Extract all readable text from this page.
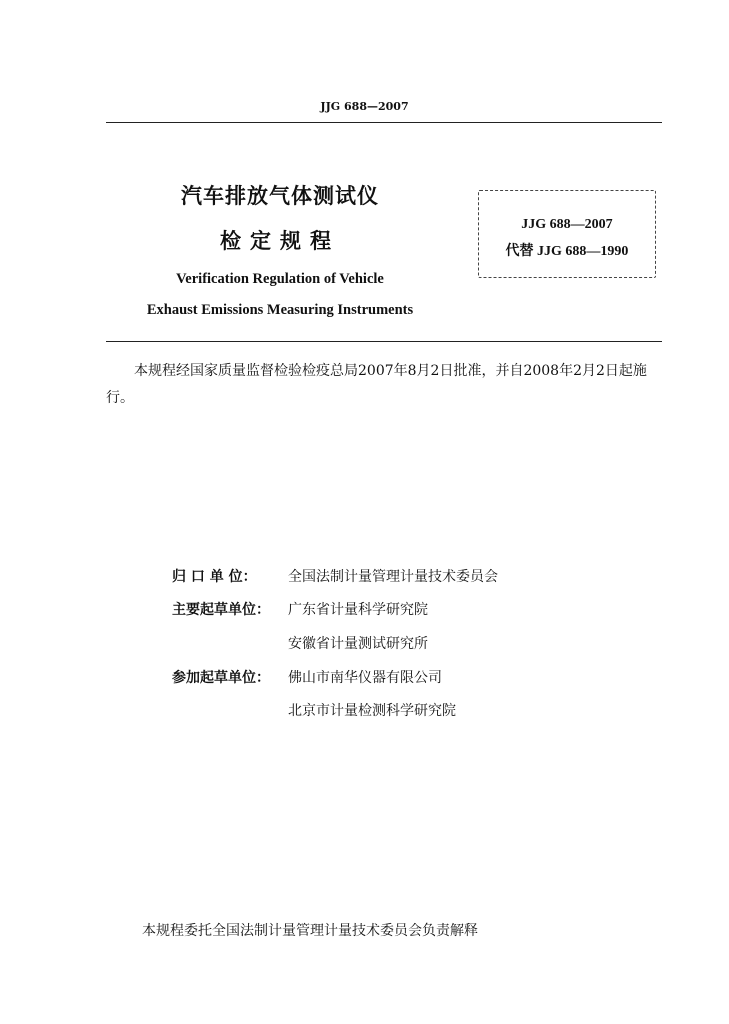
JJG 688—2007
汽车排放气体测试仪
检定规程
Verification Regulation of Vehicle
Exhaust Emissions Measuring Instruments
JJG 688—2007
代替 JJG 688—1990
本规程经国家质量监督检验检疫总局2007年8月2日批准，并自2008年2月2日起施行。
归 口 单 位：	全国法制计量管理计量技术委员会
主要起草单位：	广东省计量科学研究院
安徽省计量测试研究所
参加起草单位：	佛山市南华仪器有限公司
北京市计量检测科学研究院
本规程委托全国法制计量管理计量技术委员会负责解释
